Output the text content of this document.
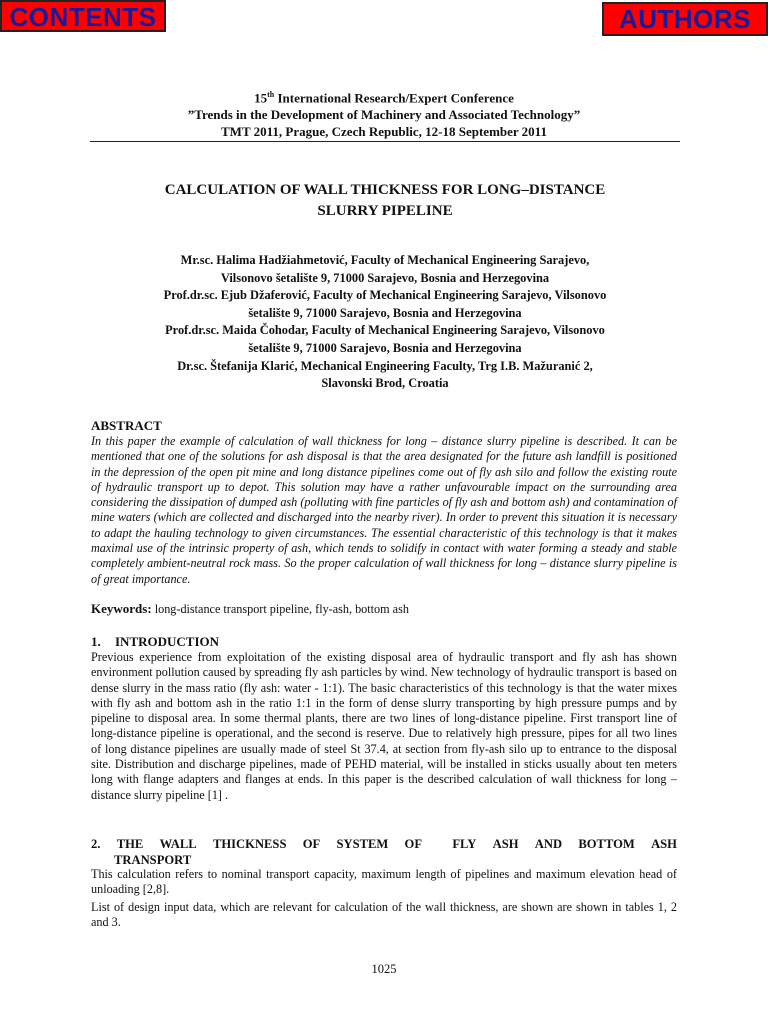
CONTENTS	AUTHORS
15th International Research/Expert Conference
”Trends in the Development of Machinery and Associated Technology”
TMT 2011, Prague, Czech Republic, 12-18 September 2011
CALCULATION OF WALL THICKNESS FOR LONG–DISTANCE
SLURRY PIPELINE
Mr.sc. Halima Hadžiahmetović, Faculty of Mechanical Engineering Sarajevo,
Vilsonovo šetalište 9, 71000 Sarajevo, Bosnia and Herzegovina
Prof.dr.sc. Ejub Džaferović, Faculty of Mechanical Engineering Sarajevo, Vilsonovo
šetalište 9, 71000 Sarajevo, Bosnia and Herzegovina
Prof.dr.sc. Maida Čohodar, Faculty of Mechanical Engineering Sarajevo, Vilsonovo
šetalište 9, 71000 Sarajevo, Bosnia and Herzegovina
Dr.sc. Štefanija Klarić, Mechanical Engineering Faculty, Trg I.B. Mažuranić 2,
Slavonski Brod, Croatia
ABSTRACT
In this paper the example of calculation of wall thickness for long – distance slurry pipeline is described. It can be mentioned that one of the solutions for ash disposal is that the area designated for the future ash landfill is positioned in the depression of the open pit mine and long distance pipelines come out of fly ash silo and follow the existing route of hydraulic transport up to depot. This solution may have a rather unfavourable impact on the surrounding area considering the dissipation of dumped ash (polluting with fine particles of fly ash and bottom ash) and contamination of mine waters (which are collected and discharged into the nearby river). In order to prevent this situation it is necessary to adapt the hauling technology to given circumstances. The essential characteristic of this technology is that it makes maximal use of the intrinsic property of ash, which tends to solidify in contact with water forming a steady and stable completely ambient-neutral rock mass. So the proper calculation of wall thickness for long – distance slurry pipeline is of great importance.
Keywords: long-distance transport pipeline, fly-ash, bottom ash
1.	INTRODUCTION
Previous experience from exploitation of the existing disposal area of hydraulic transport and fly ash has shown environment pollution caused by spreading fly ash particles by wind. New technology of hydraulic transport is based on dense slurry in the mass ratio (fly ash: water - 1:1). The basic characteristics of this technology is that the water mixes with fly ash and bottom ash in the ratio 1:1 in the form of dense slurry transporting by high pressure pumps and by pipeline to disposal area. In some thermal plants, there are two lines of long-distance pipeline. First transport line of long-distance pipeline is operational, and the second is reserve. Due to relatively high pressure, pipes for all two lines of long distance pipelines are usually made of steel St 37.4, at section from fly-ash silo up to entrance to the disposal site. Distribution and discharge pipelines, made of PEHD material, will be installed in sticks usually about ten meters long with flange adapters and flanges at ends. In this paper is the described calculation of wall thickness for long – distance slurry pipeline [1] .
2. THE WALL THICKNESS OF SYSTEM OF FLY ASH AND BOTTOM ASH
TRANSPORT
This calculation refers to nominal transport capacity, maximum length of pipelines and maximum elevation head of unloading [2,8].
List of design input data, which are relevant for calculation of the wall thickness, are shown are shown in tables 1, 2 and 3.
1025
